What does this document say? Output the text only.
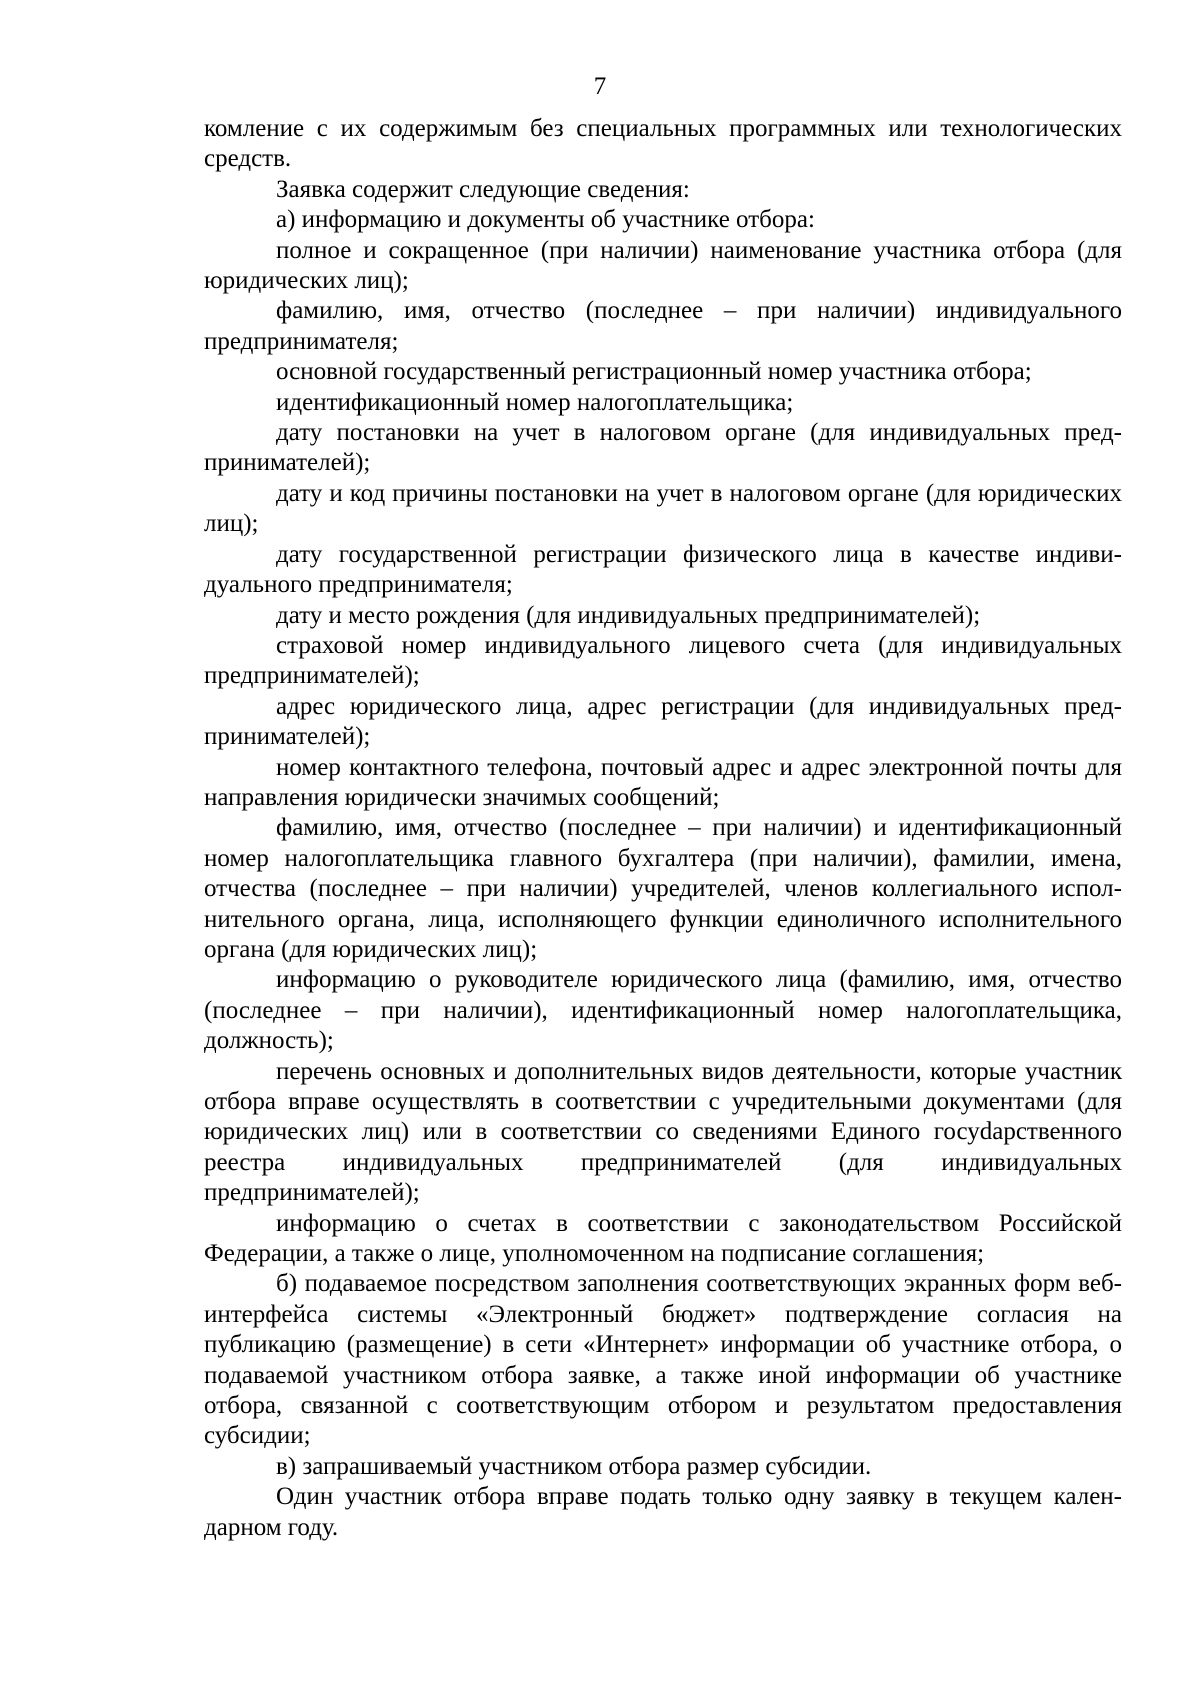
7

комление с их содержимым без специальных программных или технологических средств.

Заявка содержит следующие сведения:

а) информацию и документы об участнике отбора:

полное и сокращенное (при наличии) наименование участника отбора (для юридических лиц);

фамилию, имя, отчество (последнее – при наличии) индивидуального предпринимателя;

основной государственный регистрационный номер участника отбора;

идентификационный номер налогоплательщика;

дату постановки на учет в налоговом органе (для индивидуальных предпринимателей);

дату и код причины постановки на учет в налоговом органе (для юридических лиц);

дату государственной регистрации физического лица в качестве индивидуального предпринимателя;

дату и место рождения (для индивидуальных предпринимателей);

страховой номер индивидуального лицевого счета (для индивидуальных предпринимателей);

адрес юридического лица, адрес регистрации (для индивидуальных предпринимателей);

номер контактного телефона, почтовый адрес и адрес электронной почты для направления юридически значимых сообщений;

фамилию, имя, отчество (последнее – при наличии) и идентификационный номер налогоплательщика главного бухгалтера (при наличии), фамилии, имена, отчества (последнее – при наличии) учредителей, членов коллегиального исполнительного органа, лица, исполняющего функции единоличного исполнительного органа (для юридических лиц);

информацию о руководителе юридического лица (фамилию, имя, отчество (последнее – при наличии), идентификационный номер налогоплательщика, должность);

перечень основных и дополнительных видов деятельности, которые участник отбора вправе осуществлять в соответствии с учредительными документами (для юридических лиц) или в соответствии со сведениями Единого госуdарственного реестра индивидуальных предпринимателей (для индивидуальных предпринимателей);

информацию о счетах в соответствии с законодательством Российской Федерации, а также о лице, уполномоченном на подписание соглашения;

б) подаваемое посредством заполнения соответствующих экранных форм веб-интерфейса системы «Электронный бюджет» подтверждение согласия на публикацию (размещение) в сети «Интернет» информации об участнике отбора, о подаваемой участником отбора заявке, а также иной информации об участнике отбора, связанной с соответствующим отбором и результатом предоставления субсидии;

в) запрашиваемый участником отбора размер субсидии.

Один участник отбора вправе подать только одну заявку в текущем календарном году.
